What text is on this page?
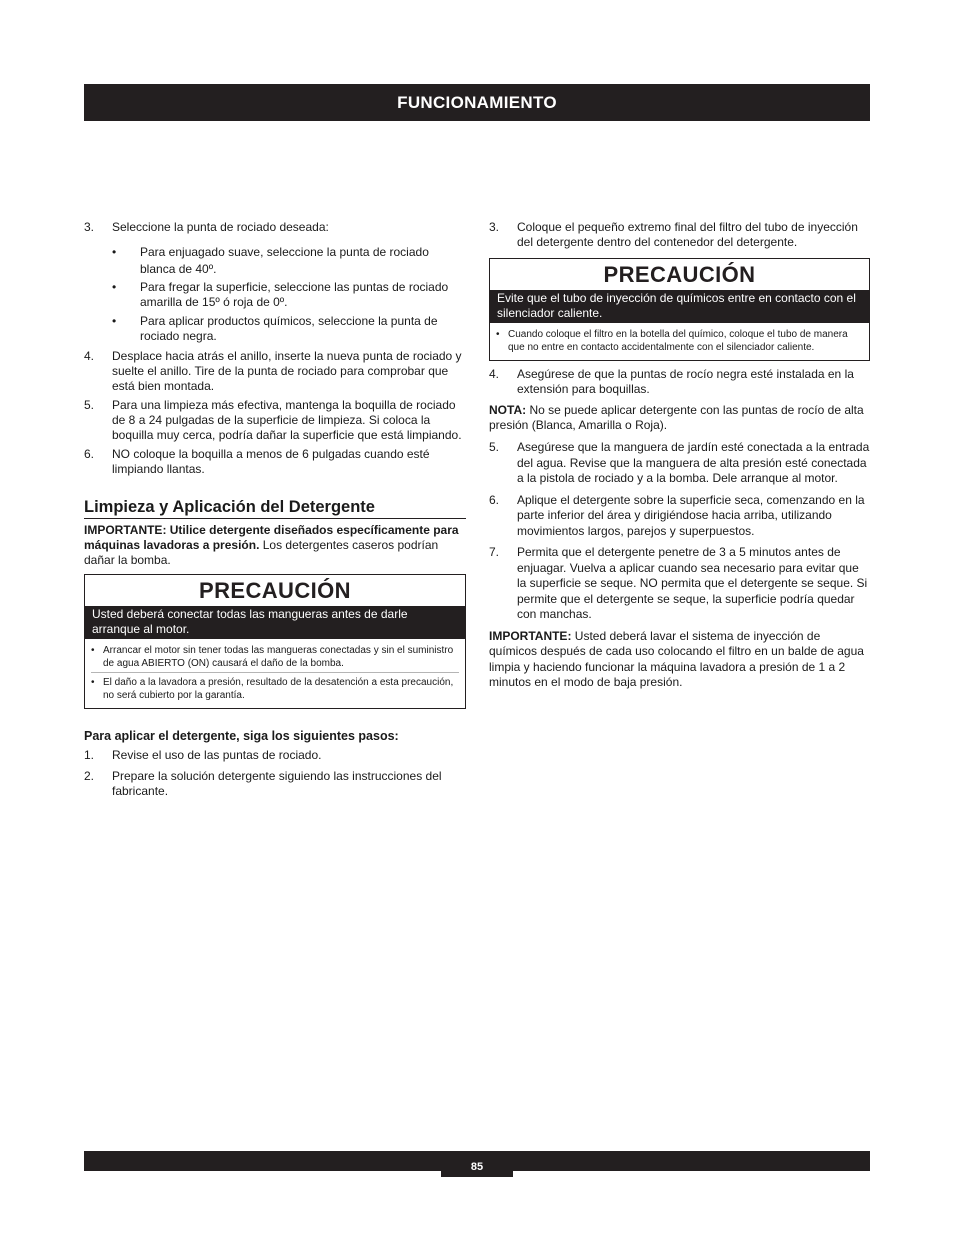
FUNCIONAMIENTO
3. Seleccione la punta de rociado deseada:

• Para enjuagado suave, seleccione la punta de rociado blanca de 40º.

• Para fregar la superficie, seleccione las puntas de rociado amarilla de 15º ó roja de 0º.

• Para aplicar productos químicos, seleccione la punta de rociado negra.

4. Desplace hacia atrás el anillo, inserte la nueva punta de rociado y suelte el anillo. Tire de la punta de rociado para comprobar que está bien montada.

5. Para una limpieza más efectiva, mantenga la boquilla de rociado de 8 a 24 pulgadas de la superficie de limpieza. Si coloca la boquilla muy cerca, podría dañar la superficie que está limpiando.

6. NO coloque la boquilla a menos de 6 pulgadas cuando esté limpiando llantas.

Limpieza y Aplicación del Detergente

IMPORTANTE: Utilice detergente diseñados específicamente para máquinas lavadoras a presión. Los detergentes caseros podrían dañar la bomba.

PRECAUCIÓN
Usted deberá conectar todas las mangueras antes de darle arranque al motor.
• Arrancar el motor sin tener todas las mangueras conectadas y sin el suministro de agua ABIERTO (ON) causará el daño de la bomba.

• El daño a la lavadora a presión, resultado de la desatención a esta precaución, no será cubierto por la garantía.

Para aplicar el detergente, siga los siguientes pasos:

1. Revise el uso de las puntas de rociado.

2. Prepare la solución detergente siguiendo las instrucciones del fabricante.

3. Coloque el pequeño extremo final del filtro del tubo de inyección del detergente dentro del contenedor del detergente.

PRECAUCIÓN
Evite que el tubo de inyección de químicos entre en contacto con el silenciador caliente.
• Cuando coloque el filtro en la botella del químico, coloque el tubo de manera que no entre en contacto accidentalmente con el silenciador caliente.

4. Asegúrese de que la puntas de rocío negra esté instalada en la extensión para boquillas.

NOTA: No se puede aplicar detergente con las puntas de rocío de alta presión (Blanca, Amarilla o Roja).

5. Asegúrese que la manguera de jardín esté conectada a la entrada del agua. Revise que la manguera de alta presión esté conectada a la pistola de rociado y a la bomba. Dele arranque al motor.

6. Aplique el detergente sobre la superficie seca, comenzando en la parte inferior del área y dirigiéndose hacia arriba, utilizando movimientos largos, parejos y superpuestos.

7. Permita que el detergente penetre de 3 a 5 minutos antes de enjuagar. Vuelva a aplicar cuando sea necesario para evitar que la superficie se seque. NO permita que el detergente se seque. Si permite que el detergente se seque, la superficie podría quedar con manchas.

IMPORTANTE: Usted deberá lavar el sistema de inyección de químicos después de cada uso colocando el filtro en un balde de agua limpia y haciendo funcionar la máquina lavadora a presión de 1 a 2 minutos en el modo de baja presión.

85
